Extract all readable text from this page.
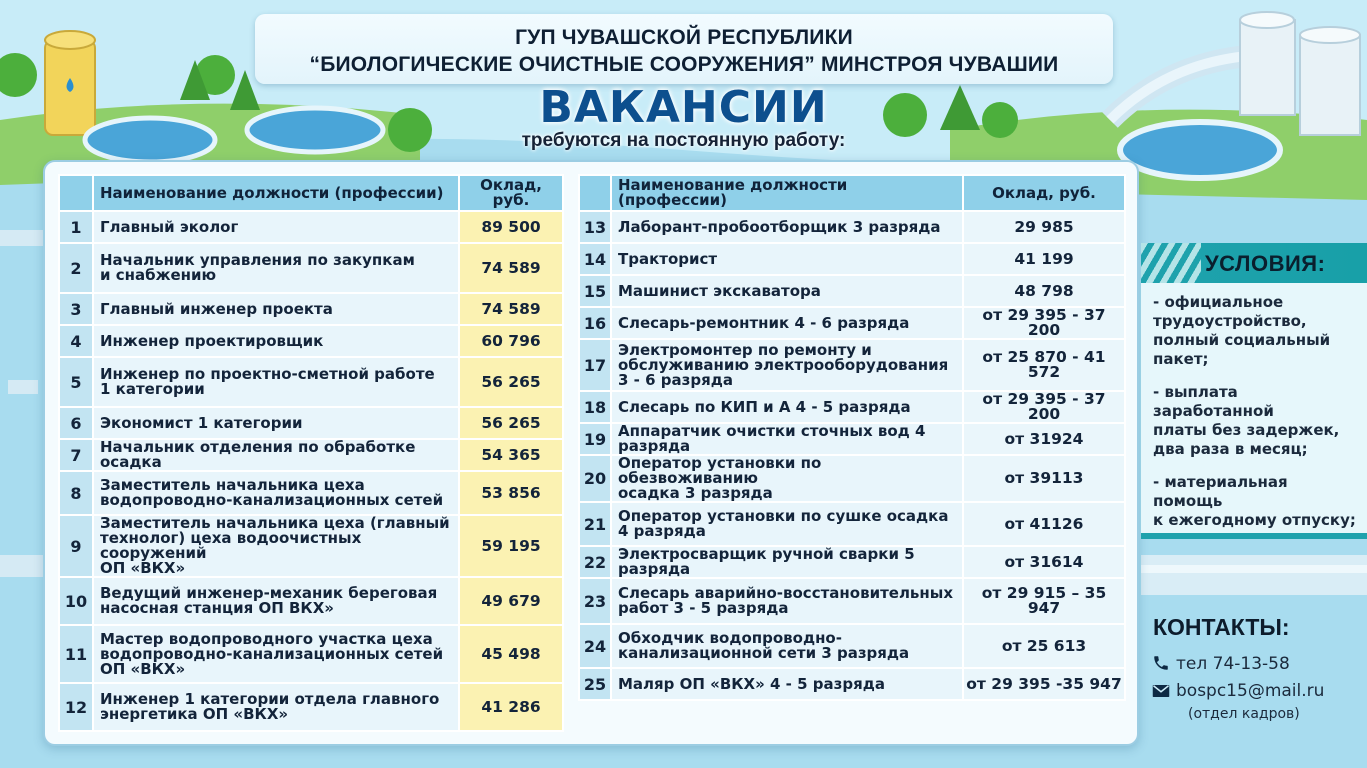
ГУП ЧУВАШСКОЙ РЕСПУБЛИКИ
“БИОЛОГИЧЕСКИЕ ОЧИСТНЫЕ СООРУЖЕНИЯ” МИНСТРОЯ ЧУВАШИИ
ВАКАНСИИ
требуются на постоянную работу:
	Наименование должности (профессии)	Оклад, руб.
1	Главный эколог	89 500
2	Начальник управления по закупкам
и снабжению	74 589
3	Главный инженер проекта	74 589
4	Инженер проектировщик	60 796
5	Инженер по проектно-сметной работе
1 категории	56 265
6	Экономист 1 категории	56 265
7	Начальник отделения по обработке осадка	54 365
8	Заместитель начальника цеха
водопроводно-канализационных сетей	53 856
9	Заместитель начальника цеха (главный
технолог) цеха водоочистных сооружений
ОП «ВКХ»	59 195
10	Ведущий инженер-механик береговая
насосная станция ОП ВКХ»	49 679
11	Мастер водопроводного участка цеха
водопроводно-канализационных сетей
ОП «ВКХ»	45 498
12	Инженер 1 категории отдела главного
энергетика ОП «ВКХ»	41 286
	Наименование должности (профессии)	Оклад, руб.
13	Лаборант-пробоотборщик 3 разряда	29 985
14	Тракторист	41 199
15	Машинист экскаватора	48 798
16	Слесарь-ремонтник 4 - 6 разряда	от 29 395 - 37 200
17	Электромонтер по ремонту и
обслуживанию электрооборудования
3 - 6 разряда	от 25 870 - 41 572
18	Слесарь по КИП и А 4 - 5 разряда	от 29 395 - 37 200
19	Аппаратчик очистки сточных вод 4 разряда	от 31924
20	Оператор установки по обезвоживанию
осадка 3 разряда	от 39113
21	Оператор установки по сушке осадка
4 разряда	от 41126
22	Электросварщик ручной сварки 5 разряда	от 31614
23	Слесарь аварийно-восстановительных
работ 3 - 5 разряда	от 29 915 – 35 947
24	Обходчик водопроводно-
канализационной сети 3 разряда	от 25 613
25	Маляр ОП «ВКХ» 4 - 5 разряда	от 29 395 -35 947
УСЛОВИЯ:
- официальное
трудоустройство,
полный социальный
пакет;
- выплата заработанной
платы без задержек,
два раза в месяц;
- материальная помощь
к ежегодному отпуску;
КОНТАКТЫ:
тел 74-13-58
bospc15@mail.ru
(отдел кадров)
